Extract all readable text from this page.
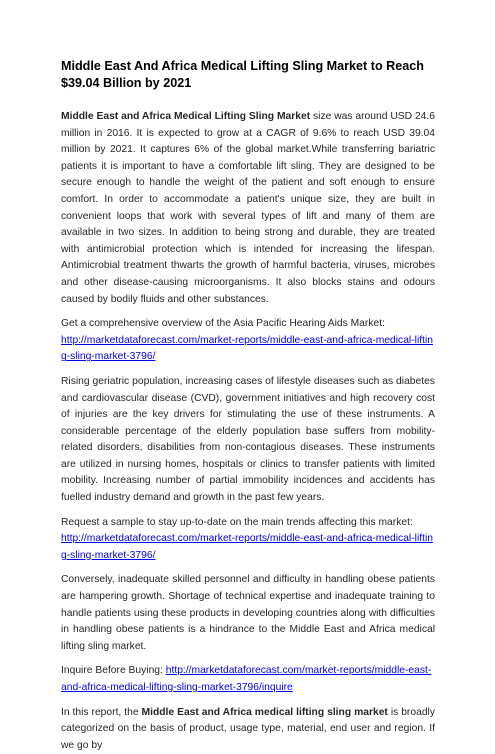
Middle East And Africa Medical Lifting Sling Market to Reach $39.04 Billion by 2021

Middle East and Africa Medical Lifting Sling Market size was around USD 24.6 million in 2016. It is expected to grow at a CAGR of 9.6% to reach USD 39.04 million by 2021. It captures 6% of the global market.While transferring bariatric patients it is important to have a comfortable lift sling. They are designed to be secure enough to handle the weight of the patient and soft enough to ensure comfort. In order to accommodate a patient's unique size, they are built in convenient loops that work with several types of lift and many of them are available in two sizes. In addition to being strong and durable, they are treated with antimicrobial protection which is intended for increasing the lifespan. Antimicrobial treatment thwarts the growth of harmful bacteria, viruses, microbes and other disease-causing microorganisms. It also blocks stains and odours caused by bodily fluids and other substances.

Get a comprehensive overview of the Asia Pacific Hearing Aids Market:
http://marketdataforecast.com/market-reports/middle-east-and-africa-medical-lifting-sling-market-3796/

Rising geriatric population, increasing cases of lifestyle diseases such as diabetes and cardiovascular disease (CVD), government initiatives and high recovery cost of injuries are the key drivers for stimulating the use of these instruments. A considerable percentage of the elderly population base suffers from mobility-related disorders, disabilities from non-contagious diseases. These instruments are utilized in nursing homes, hospitals or clinics to transfer patients with limited mobility. Increasing number of partial immobility incidences and accidents has fuelled industry demand and growth in the past few years.

Request a sample to stay up-to-date on the main trends affecting this market:
http://marketdataforecast.com/market-reports/middle-east-and-africa-medical-lifting-sling-market-3796/

Conversely, inadequate skilled personnel and difficulty in handling obese patients are hampering growth. Shortage of technical expertise and inadequate training to handle patients using these products in developing countries along with difficulties in handling obese patients is a hindrance to the Middle East and Africa medical lifting sling market.

Inquire Before Buying: http://marketdataforecast.com/market-reports/middle-east-and-africa-medical-lifting-sling-market-3796/inquire

In this report, the Middle East and Africa medical lifting sling market is broadly categorized on the basis of product, usage type, material, end user and region. If we go by
